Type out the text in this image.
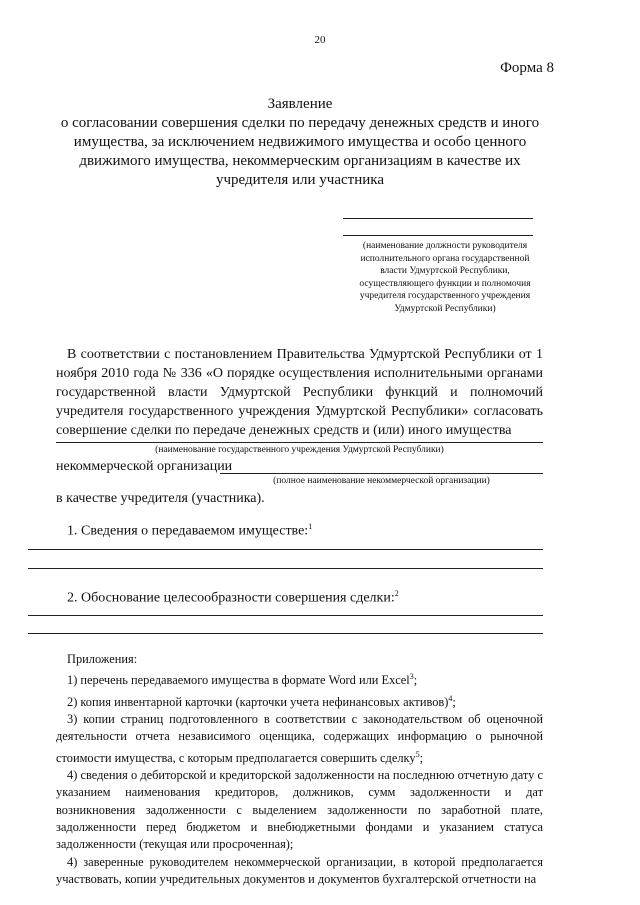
20
Форма 8
Заявление
о согласовании совершения сделки по передачу денежных средств и иного
имущества, за исключением недвижимого имущества и особо ценного
движимого имущества, некоммерческим организациям в качестве их
учредителя или участника
(наименование должности руководителя
исполнительного органа государственной
власти Удмуртской Республики,
осуществляющего функции и полномочия
учредителя государственного учреждения
Удмуртской Республики)
В соответствии с постановлением Правительства Удмуртской Республики от 1 ноября 2010 года № 336 «О порядке осуществления исполнительными органами государственной власти Удмуртской Республики функций и полномочий учредителя государственного учреждения Удмуртской Республики» согласовать совершение сделки по передаче денежных средств и (или) иного имущества
(наименование государственного учреждения Удмуртской Республики)
некоммерческой организации
(полное наименование некоммерческой организации)
в качестве учредителя (участника).
1. Сведения о передаваемом имуществе:$^1$
2. Обоснование целесообразности совершения сделки:$^2$

Приложения:

1) перечень передаваемого имущества в формате Word или Excel$^3$;

2) копия инвентарной карточки (карточки учета нефинансовых активов)$^4$;

3) копии страниц подготовленного в соответствии с законодательством об оценочной деятельности отчета независимого оценщика, содержащих информацию о рыночной стоимости имущества, с которым предполагается совершить сделку$^5$;

4) сведения о дебиторской и кредиторской задолженности на последнюю отчетную дату с указанием наименования кредиторов, должников, сумм задолженности и дат возникновения задолженности с выделением задолженности по заработной плате, задолженности перед бюджетом и внебюджетными фондами и указанием статуса задолженности (текущая или просроченная);

4) заверенные руководителем некоммерческой организации, в которой предполагается участвовать, копии учредительных документов и документов бухгалтерской отчетности на
